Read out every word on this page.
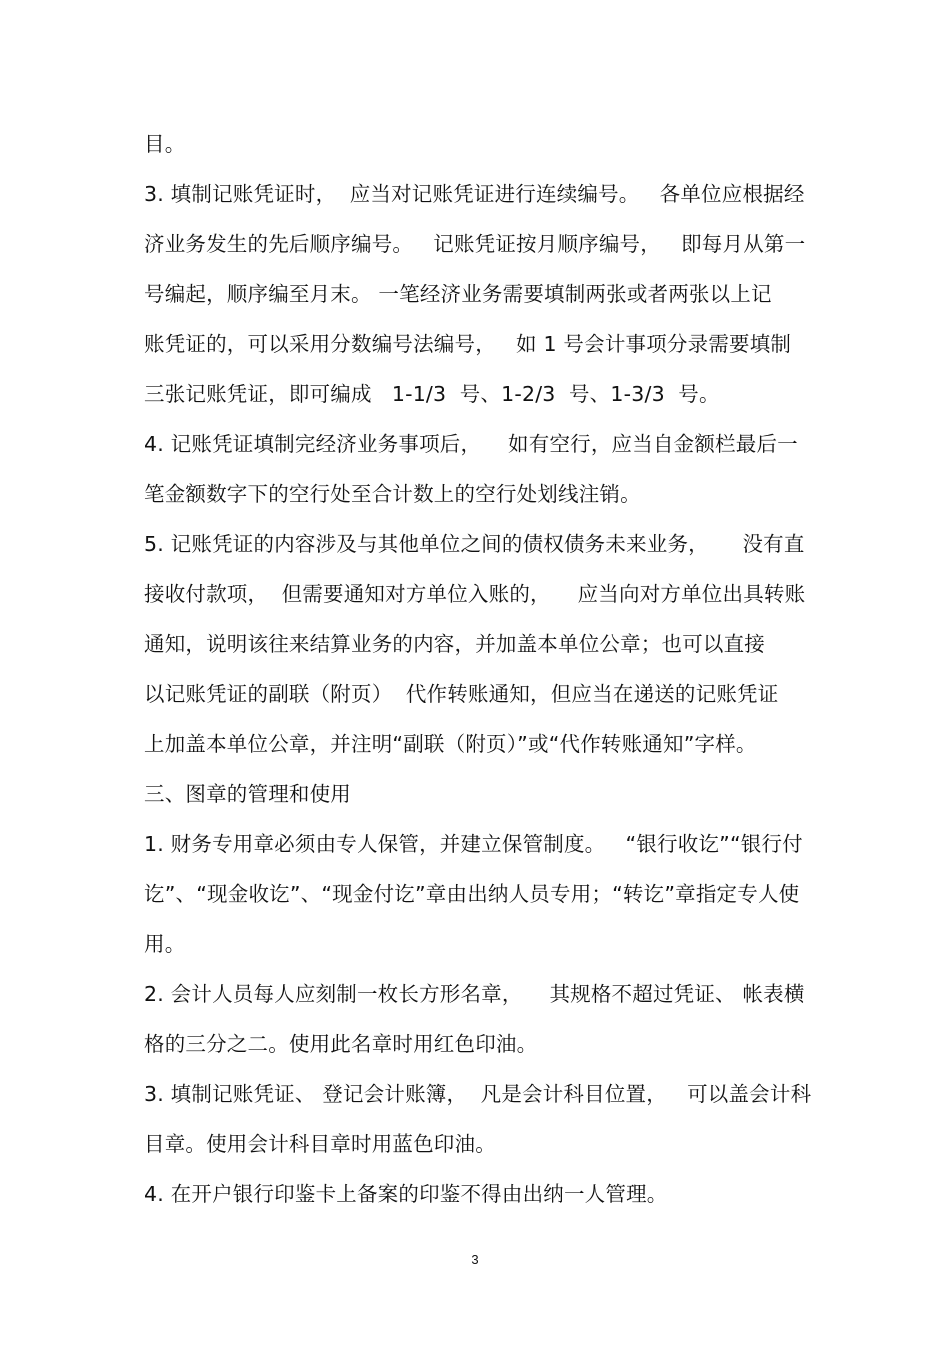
目。
3. 填制记账凭证时，  应当对记账凭证进行连续编号。   各单位应根据经
济业务发生的先后顺序编号。   记账凭证按月顺序编号，   即每月从第一
号编起，顺序编至月末。 一笔经济业务需要填制两张或者两张以上记
账凭证的，可以采用分数编号法编号，   如 1 号会计事项分录需要填制
三张记账凭证，即可编成   1-1/3  号、1-2/3  号、1-3/3  号。
4. 记账凭证填制完经济业务事项后，    如有空行，应当自金额栏最后一
笔金额数字下的空行处至合计数上的空行处划线注销。
5. 记账凭证的内容涉及与其他单位之间的债权债务未来业务，     没有直
接收付款项，  但需要通知对方单位入账的，    应当向对方单位出具转账
通知，说明该往来结算业务的内容，并加盖本单位公章；也可以直接
以记账凭证的副联（附页）  代作转账通知，但应当在递送的记账凭证
上加盖本单位公章，并注明“副联（附页）”或“代作转账通知”字样。
三、图章的管理和使用
1. 财务专用章必须由专人保管，并建立保管制度。   “银行收讫”“银行付
讫”、“现金收讫”、“现金付讫”章由出纳人员专用；“转讫”章指定专人使
用。
2. 会计人员每人应刻制一枚长方形名章，    其规格不超过凭证、 帐表横
格的三分之二。使用此名章时用红色印油。
3. 填制记账凭证、 登记会计账簿，  凡是会计科目位置，   可以盖会计科
目章。使用会计科目章时用蓝色印油。
4. 在开户银行印鉴卡上备案的印鉴不得由出纳一人管理。
3
